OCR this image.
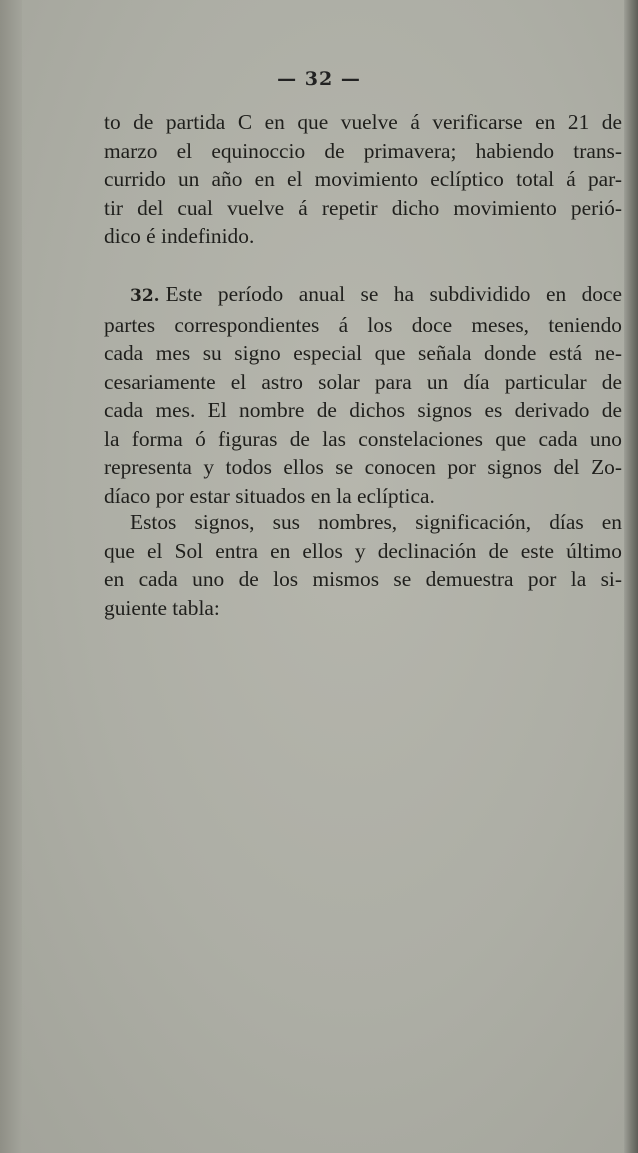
— 32 —
to de partida C en que vuelve á verificarse en 21 de
marzo el equinoccio de primavera; habiendo trans-
currido un año en el movimiento eclíptico total á par-
tir del cual vuelve á repetir dicho movimiento perió-
dico é indefinido.
32. Este período anual se ha subdividido en doce
partes correspondientes á los doce meses, teniendo
cada mes su signo especial que señala donde está ne-
cesariamente el astro solar para un día particular de
cada mes. El nombre de dichos signos es derivado de
la forma ó figuras de las constelaciones que cada uno
representa y todos ellos se conocen por signos del Zo-
díaco por estar situados en la eclíptica.
Estos signos, sus nombres, significación, días en
que el Sol entra en ellos y declinación de este último
en cada uno de los mismos se demuestra por la si-
guiente tabla:
